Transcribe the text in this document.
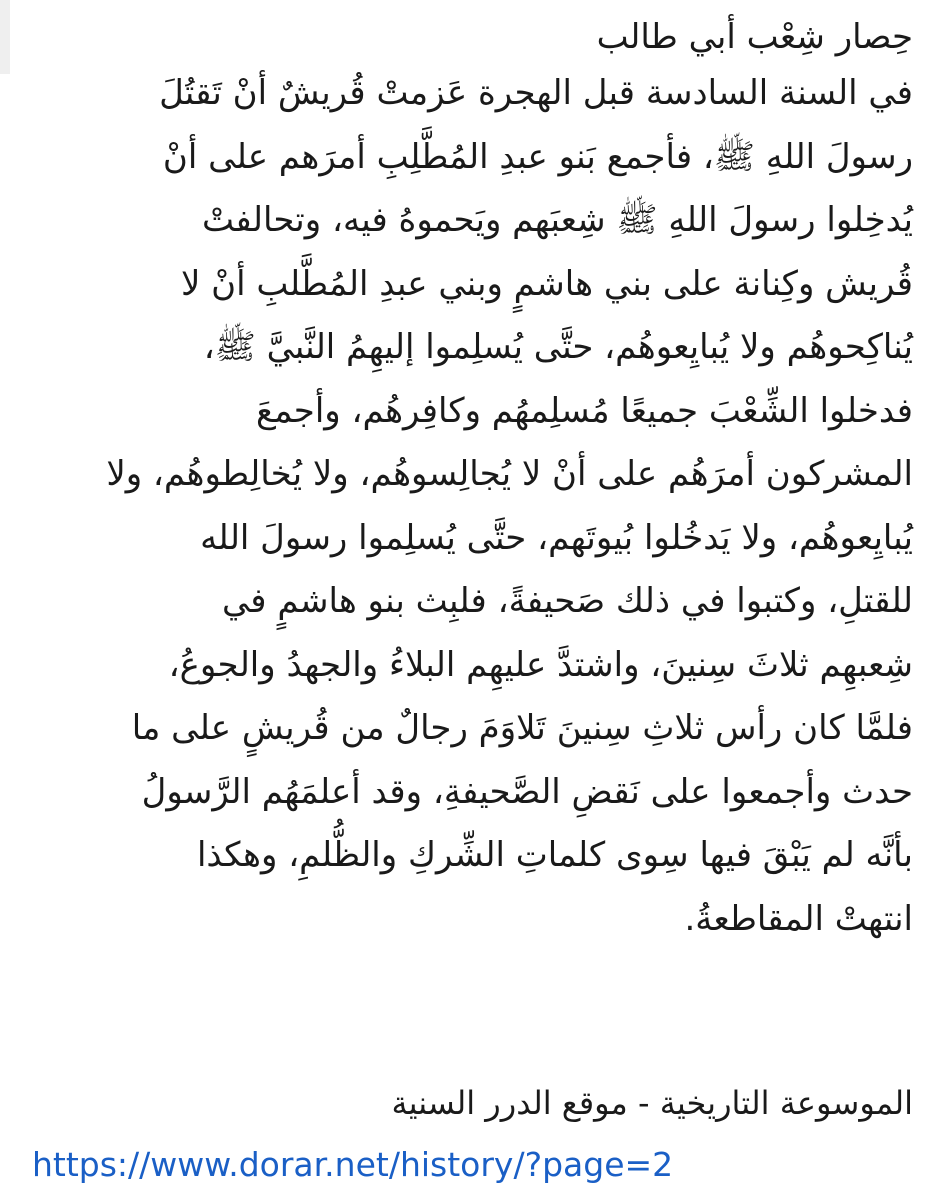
حِصار شِعْب أبي طالب

في السنة السادسة قبل الهجرة عَزمتْ قُريشٌ أنْ تَقتُلَ

رسولَ اللهِ ﷺ، فأجمع بَنو عبدِ المُطَّلِبِ أمرَهم على أنْ

يُدخِلوا رسولَ اللهِ ﷺ شِعبَهم ويَحموهُ فيه، وتحالفتْ

قُريش وكِنانة على بني هاشمٍ وبني عبدِ المُطَّلبِ أنْ لا

يُناكِحوهُم ولا يُبايِعوهُم، حتَّى يُسلِموا إليهِمُ النَّبيَّ ﷺ،

فدخلوا الشِّعْبَ جميعًا مُسلِمهُم وكافِرهُم، وأجمعَ

المشركون أمرَهُم على أنْ لا يُجالِسوهُم، ولا يُخالِطوهُم، ولا

يُبايِعوهُم، ولا يَدخُلوا بُيوتَهم، حتَّى يُسلِموا رسولَ الله

للقتلِ، وكتبوا في ذلك صَحيفةً، فلبِث بنو هاشمٍ في

شِعبهِم ثلاثَ سِنينَ، واشتدَّ عليهِم البلاءُ والجهدُ والجوعُ،

فلمَّا كان رأس ثلاثِ سِنينَ تَلاوَمَ رجالٌ من قُريشٍ على ما

حدث وأجمعوا على نَقضِ الصَّحيفةِ، وقد أعلمَهُم الرَّسولُ

بأنَّه لم يَبْقَ فيها سِوى كلماتِ الشِّركِ والظُّلمِ، وهكذا

انتهتْ المقاطعةُ.

الموسوعة التاريخية - موقع الدرر السنية
https://www.dorar.net/history/?page=2
